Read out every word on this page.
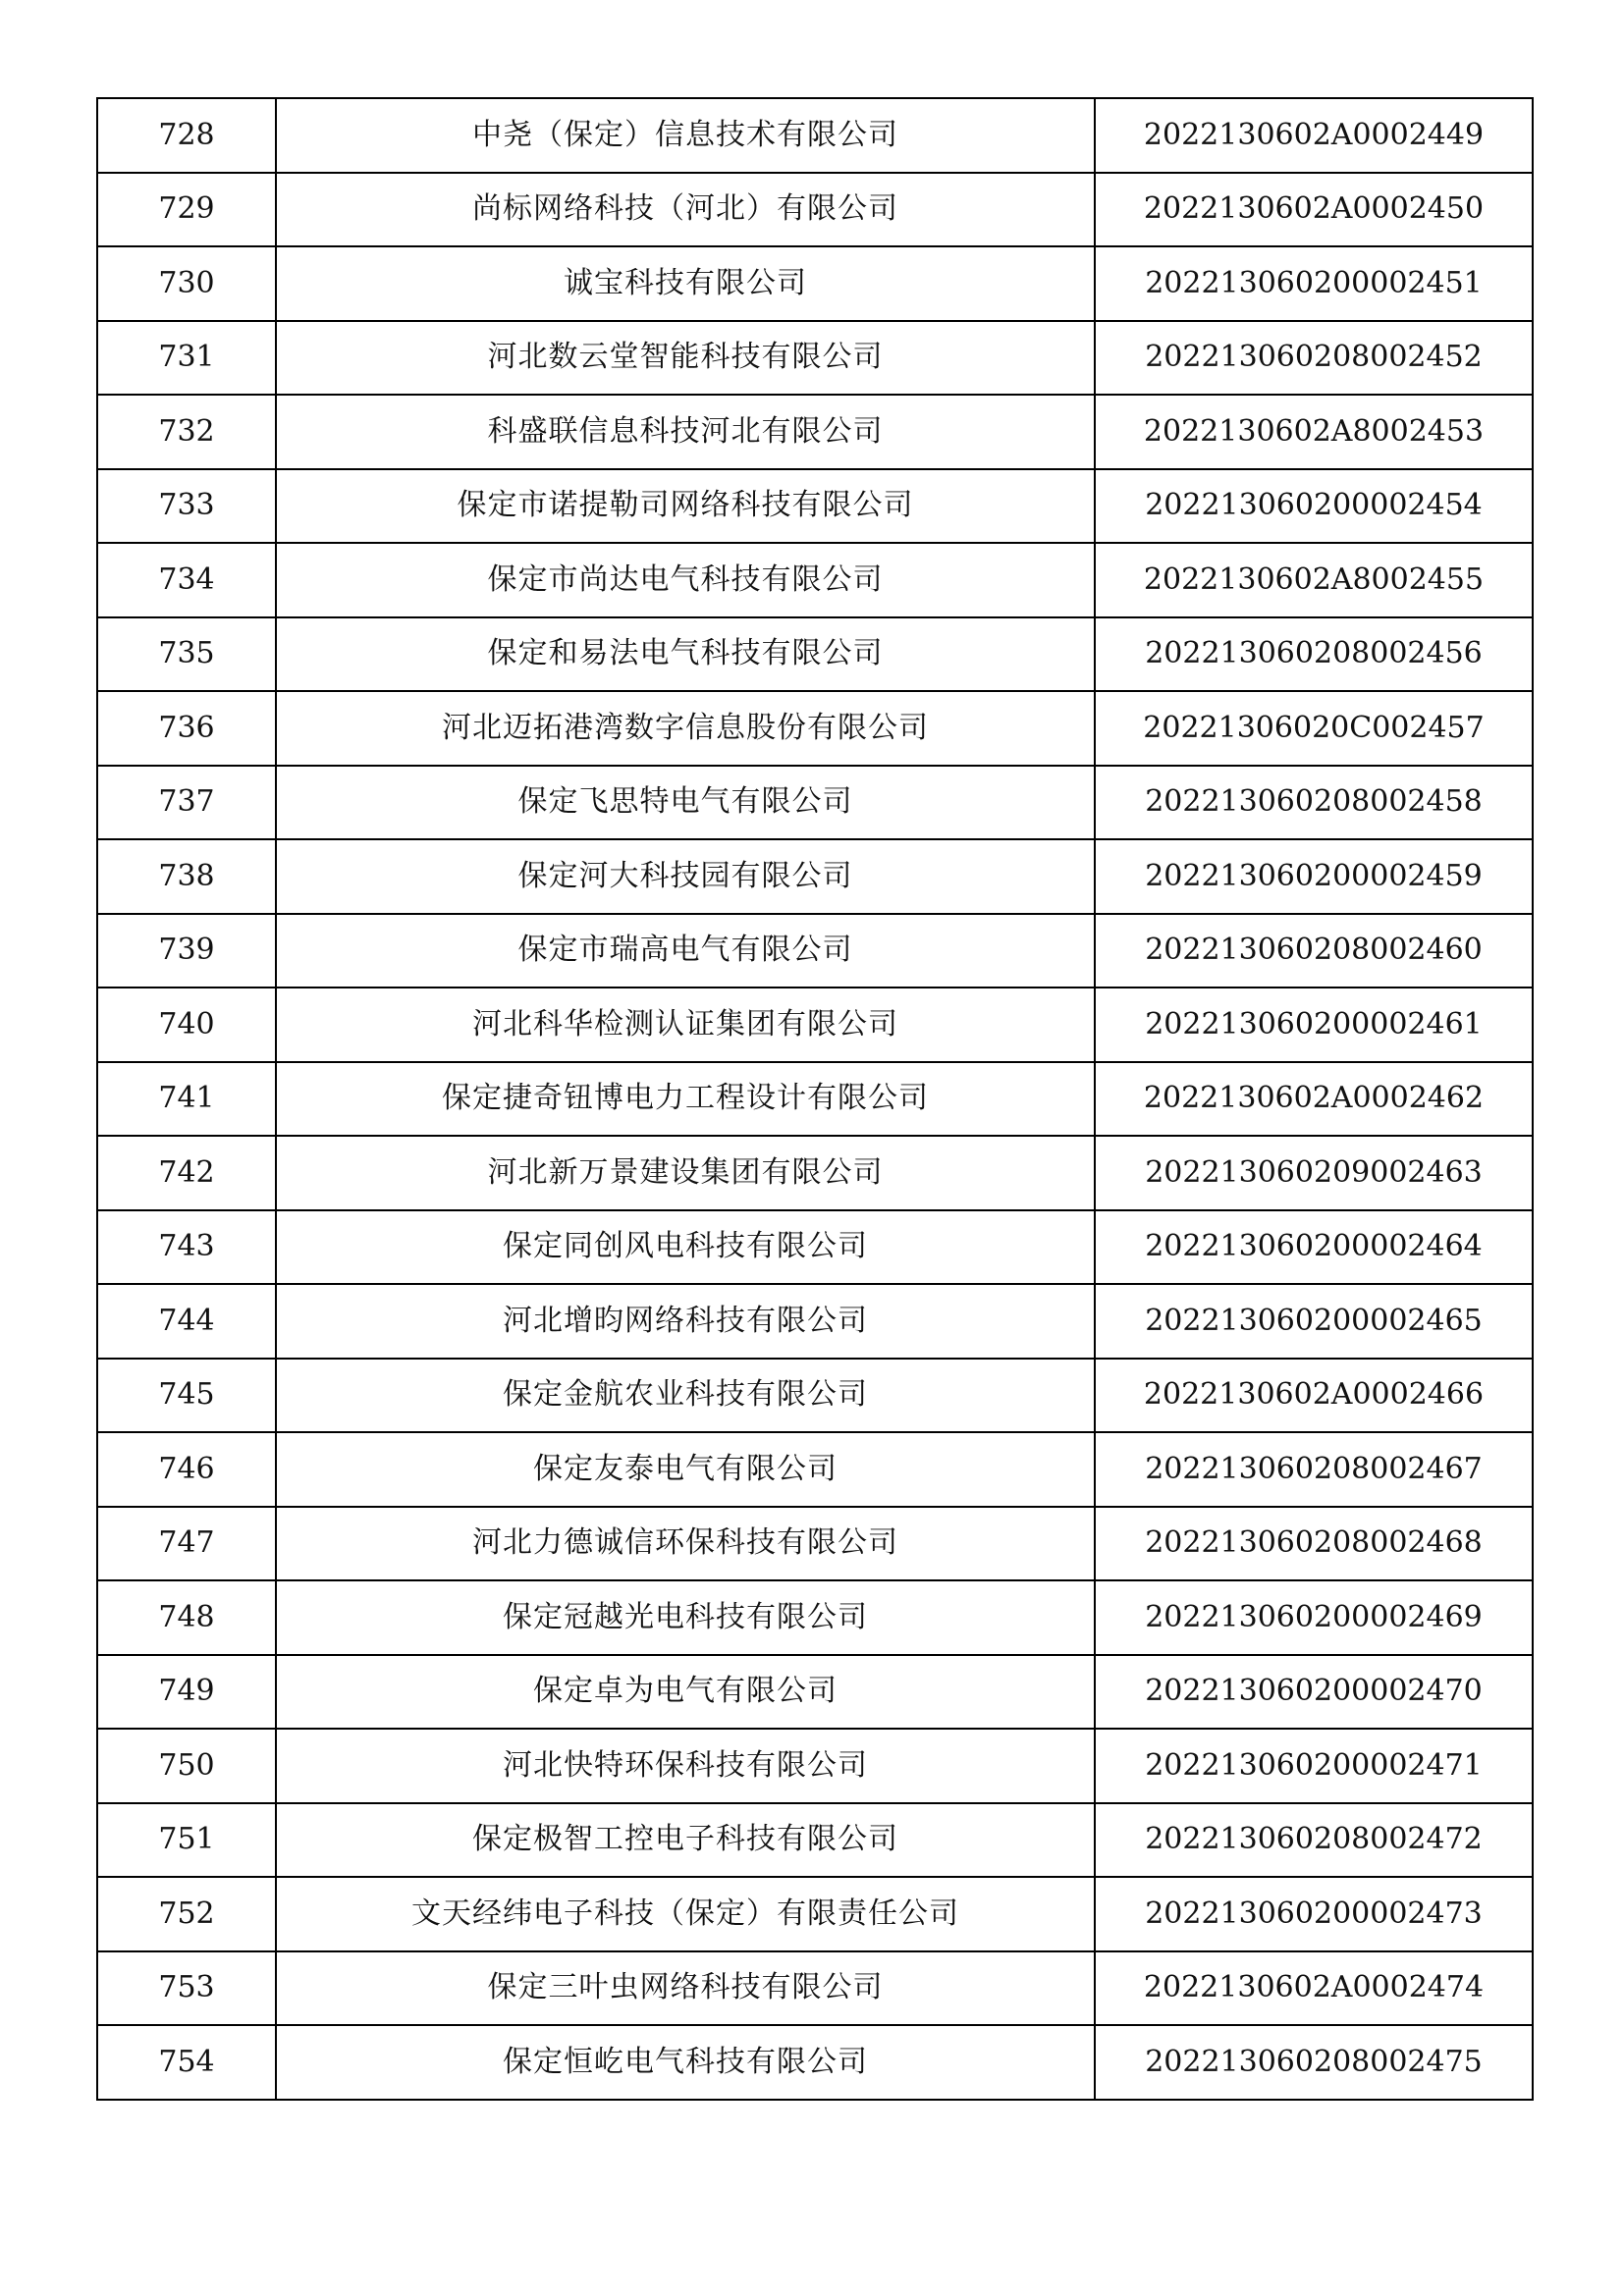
728	中尧（保定）信息技术有限公司	2022130602A0002449
729	尚标网络科技（河北）有限公司	2022130602A0002450
730	诚宝科技有限公司	202213060200002451
731	河北数云堂智能科技有限公司	202213060208002452
732	科盛联信息科技河北有限公司	2022130602A8002453
733	保定市诺提勒司网络科技有限公司	202213060200002454
734	保定市尚达电气科技有限公司	2022130602A8002455
735	保定和易法电气科技有限公司	202213060208002456
736	河北迈拓港湾数字信息股份有限公司	20221306020C002457
737	保定飞思特电气有限公司	202213060208002458
738	保定河大科技园有限公司	202213060200002459
739	保定市瑞高电气有限公司	202213060208002460
740	河北科华检测认证集团有限公司	202213060200002461
741	保定捷奇钮博电力工程设计有限公司	2022130602A0002462
742	河北新万景建设集团有限公司	202213060209002463
743	保定同创风电科技有限公司	202213060200002464
744	河北增昀网络科技有限公司	202213060200002465
745	保定金航农业科技有限公司	2022130602A0002466
746	保定友泰电气有限公司	202213060208002467
747	河北力德诚信环保科技有限公司	202213060208002468
748	保定冠越光电科技有限公司	202213060200002469
749	保定卓为电气有限公司	202213060200002470
750	河北快特环保科技有限公司	202213060200002471
751	保定极智工控电子科技有限公司	202213060208002472
752	文天经纬电子科技（保定）有限责任公司	202213060200002473
753	保定三叶虫网络科技有限公司	2022130602A0002474
754	保定恒屹电气科技有限公司	202213060208002475
